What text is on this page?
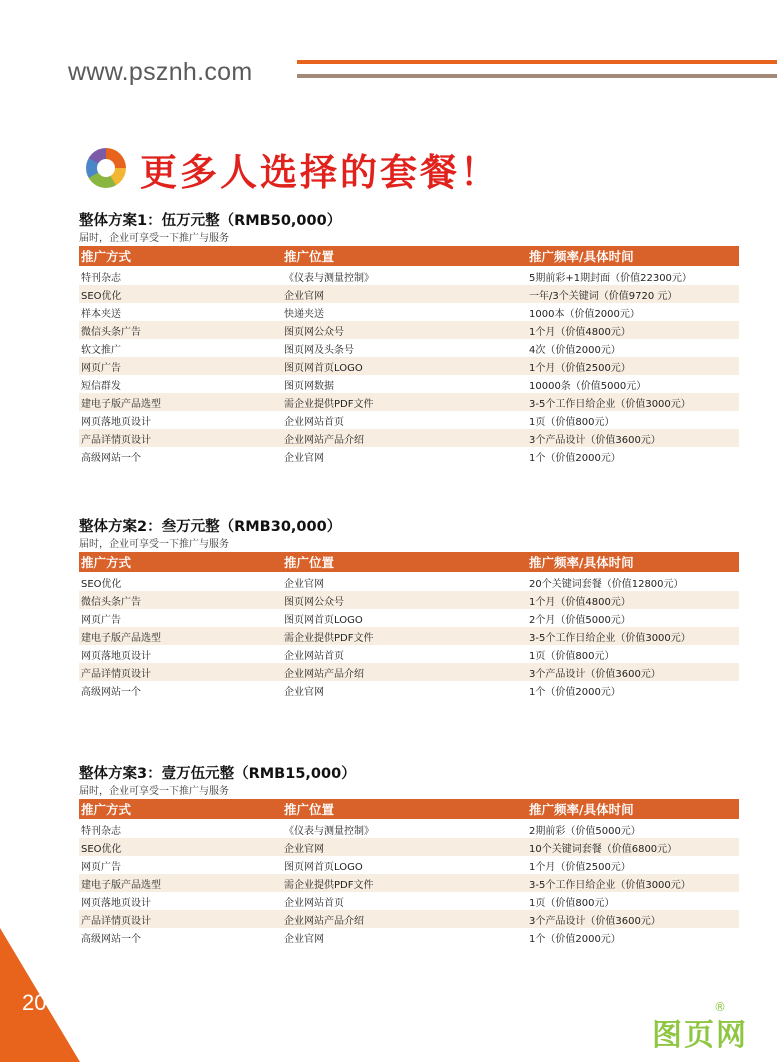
www.psznh.com
更多人选择的套餐！
整体方案1：伍万元整（RMB50,000）
届时，企业可享受一下推广与服务
推广方式	推广位置	推广频率/具体时间
特刊杂志	《仪表与测量控制》	5期前彩+1期封面（价值22300元）
SEO优化	企业官网	一年/3个关键词（价值9720 元）
样本夹送	快递夹送	1000本（价值2000元）
微信头条广告	图页网公众号	1个月（价值4800元）
软文推广	图页网及头条号	4次（价值2000元）
网页广告	图页网首页LOGO	1个月（价值2500元）
短信群发	图页网数据	10000条（价值5000元）
建电子版产品选型	需企业提供PDF文件	3-5个工作日给企业（价值3000元）
网页落地页设计	企业网站首页	1页（价值800元）
产品详情页设计	企业网站产品介绍	3个产品设计（价值3600元）
高级网站一个	企业官网	1个（价值2000元）
整体方案2：叁万元整（RMB30,000）
届时，企业可享受一下推广与服务
推广方式	推广位置	推广频率/具体时间
SEO优化	企业官网	20个关键词套餐（价值12800元）
微信头条广告	图页网公众号	1个月（价值4800元）
网页广告	图页网首页LOGO	2个月（价值5000元）
建电子版产品选型	需企业提供PDF文件	3-5个工作日给企业（价值3000元）
网页落地页设计	企业网站首页	1页（价值800元）
产品详情页设计	企业网站产品介绍	3个产品设计（价值3600元）
高级网站一个	企业官网	1个（价值2000元）
整体方案3：壹万伍元整（RMB15,000）
届时，企业可享受一下推广与服务
推广方式	推广位置	推广频率/具体时间
特刊杂志	《仪表与测量控制》	2期前彩（价值5000元）
SEO优化	企业官网	10个关键词套餐（价值6800元）
网页广告	图页网首页LOGO	1个月（价值2500元）
建电子版产品选型	需企业提供PDF文件	3-5个工作日给企业（价值3000元）
网页落地页设计	企业网站首页	1页（价值800元）
产品详情页设计	企业网站产品介绍	3个产品设计（价值3600元）
高级网站一个	企业官网	1个（价值2000元）
20
图页网
®
